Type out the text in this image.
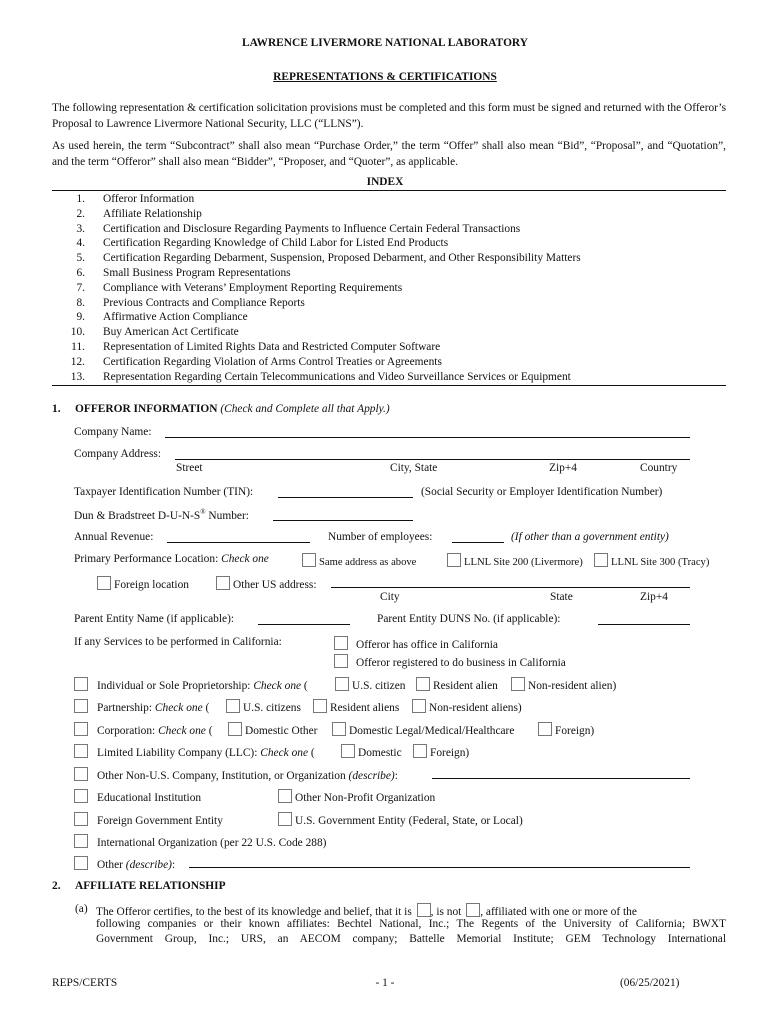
LAWRENCE LIVERMORE NATIONAL LABORATORY
REPRESENTATIONS & CERTIFICATIONS
The following representation & certification solicitation provisions must be completed and this form must be signed and returned with the Offeror’s Proposal to Lawrence Livermore National Security, LLC (“LLNS”).
As used herein, the term “Subcontract” shall also mean “Purchase Order,” the term “Offer” shall also mean “Bid”, “Proposal”, and “Quotation”, and the term “Offeror” shall also mean “Bidder”, “Proposer, and “Quoter”, as applicable.
INDEX
1. Offeror Information
2. Affiliate Relationship
3. Certification and Disclosure Regarding Payments to Influence Certain Federal Transactions
4. Certification Regarding Knowledge of Child Labor for Listed End Products
5. Certification Regarding Debarment, Suspension, Proposed Debarment, and Other Responsibility Matters
6. Small Business Program Representations
7. Compliance with Veterans’ Employment Reporting Requirements
8. Previous Contracts and Compliance Reports
9. Affirmative Action Compliance
10. Buy American Act Certificate
11. Representation of Limited Rights Data and Restricted Computer Software
12. Certification Regarding Violation of Arms Control Treaties or Agreements
13. Representation Regarding Certain Telecommunications and Video Surveillance Services or Equipment
1. OFFEROR INFORMATION (Check and Complete all that Apply.)
Company Name:
Company Address:
Street	City, State	Zip+4	Country
Taxpayer Identification Number (TIN):	(Social Security or Employer Identification Number)
Dun & Bradstreet D-U-N-S® Number:
Annual Revenue:	Number of employees:	(If other than a government entity)
Primary Performance Location: Check one	Same address as above	LLNL Site 200 (Livermore)	LLNL Site 300 (Tracy)
Foreign location	Other US address:
City	State	Zip+4
Parent Entity Name (if applicable):	Parent Entity DUNS No. (if applicable):
If any Services to be performed in California:	Offeror has office in California
Offeror registered to do business in California
Individual or Sole Proprietorship: Check one (	U.S. citizen	Resident alien	Non-resident alien)
Partnership: Check one (	U.S. citizens	Resident aliens	Non-resident aliens)
Corporation: Check one (	Domestic Other	Domestic Legal/Medical/Healthcare	Foreign)
Limited Liability Company (LLC): Check one (	Domestic	Foreign)
Other Non-U.S. Company, Institution, or Organization (describe):
Educational Institution	Other Non-Profit Organization
Foreign Government Entity	U.S. Government Entity (Federal, State, or Local)
International Organization (per 22 U.S. Code 288)
Other (describe):
2. AFFILIATE RELATIONSHIP
(a) The Offeror certifies, to the best of its knowledge and belief, that it is , is not , affiliated with one or more of the
following companies or their known affiliates: Bechtel National, Inc.; The Regents of the University of California; BWXT
Government Group, Inc.; URS, an AECOM company; Battelle Memorial Institute; GEM Technology International
REPS/CERTS	- 1 -	(06/25/2021)
